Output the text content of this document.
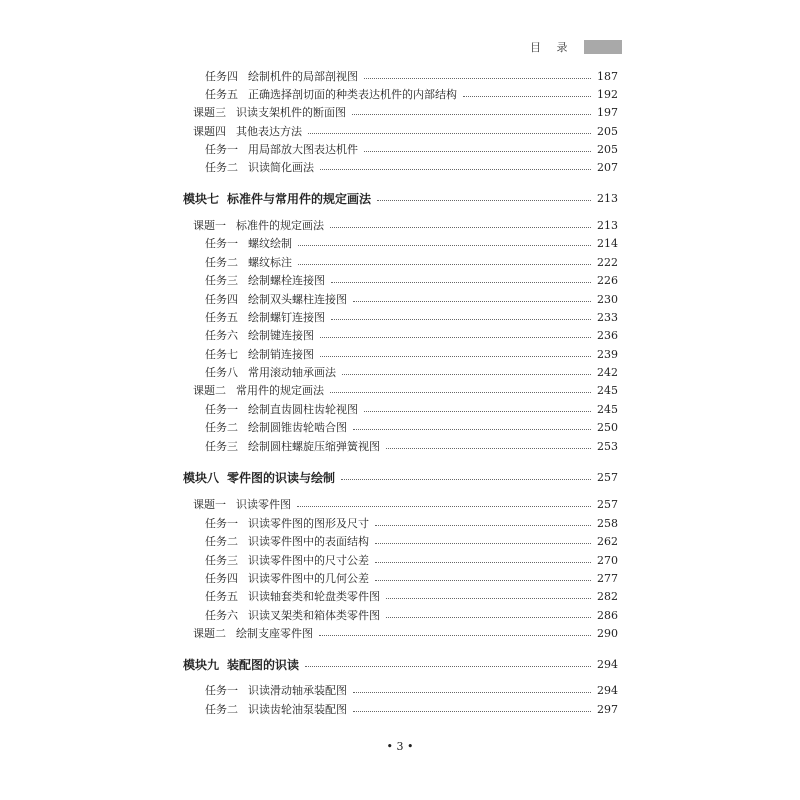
目 录
任务四 绘制机件的局部剖视图	187
任务五 正确选择剖切面的种类表达机件的内部结构	192
课题三 识读支架机件的断面图	197
课题四 其他表达方法	205
任务一 用局部放大图表达机件	205
任务二 识读简化画法	207
模块七 标准件与常用件的规定画法	213
课题一 标准件的规定画法	213
任务一 螺纹绘制	214
任务二 螺纹标注	222
任务三 绘制螺栓连接图	226
任务四 绘制双头螺柱连接图	230
任务五 绘制螺钉连接图	233
任务六 绘制键连接图	236
任务七 绘制销连接图	239
任务八 常用滚动轴承画法	242
课题二 常用件的规定画法	245
任务一 绘制直齿圆柱齿轮视图	245
任务二 绘制圆锥齿轮啮合图	250
任务三 绘制圆柱螺旋压缩弹簧视图	253
模块八 零件图的识读与绘制	257
课题一 识读零件图	257
任务一 识读零件图的图形及尺寸	258
任务二 识读零件图中的表面结构	262
任务三 识读零件图中的尺寸公差	270
任务四 识读零件图中的几何公差	277
任务五 识读轴套类和轮盘类零件图	282
任务六 识读叉架类和箱体类零件图	286
课题二 绘制支座零件图	290
模块九 装配图的识读	294
任务一 识读滑动轴承装配图	294
任务二 识读齿轮油泵装配图	297
• 3 •
